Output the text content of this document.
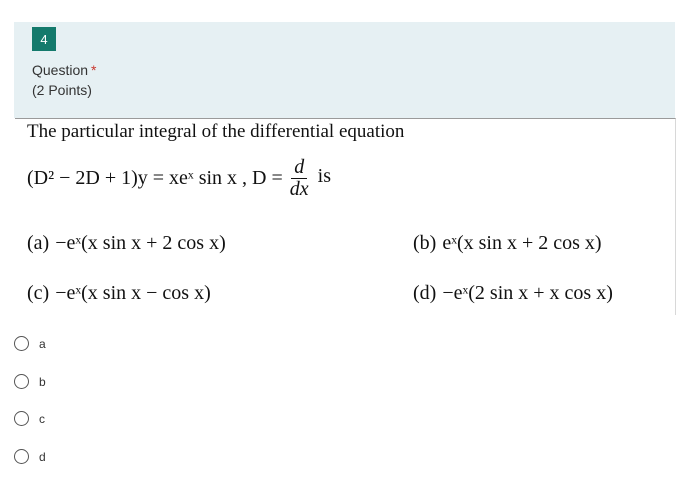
4
Question *
(2 Points)
The particular integral of the differential equation
(D² − 2D + 1)y = xeˣ sin x , $D = \frac{d}{dx}$ is
(a) −eˣ(x sin x + 2 cos x)	(b) eˣ(x sin x + 2 cos x)
(c) −eˣ(x sin x − cos x)	(d) −eˣ(2 sin x + x cos x)
a
b
c
d
